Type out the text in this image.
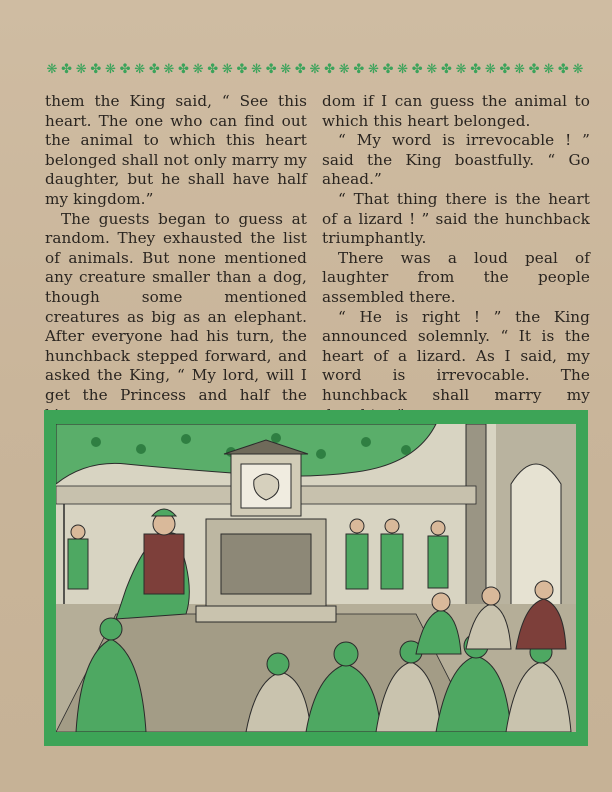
❋ ✤ ❋ ✤ ❋ ✤ ❋ ✤ ❋ ✤ ❋ ✤ ❋ ✤ ❋ ✤ ❋ ✤ ❋ ✤ ❋ ✤ ❋ ✤ ❋ ✤ ❋ ✤ ❋ ✤ ❋ ✤ ❋ ✤ ❋ ✤ ❋

them the King said, “ See this heart. The one who can find out the animal to which this heart belonged shall not only marry my daughter, but he shall have half my kingdom.”

The guests began to guess at random. They exhausted the list of animals. But none mentioned any creature smaller than a dog, though some mentioned creatures as big as an elephant. After everyone had his turn, the hunchback stepped forward, and asked the King, “ My lord, will I get the Princess and half the

dom if I can guess the animal to which this heart belonged.

“ My word is irrevocable ! ” said the King boastfully. “ Go ahead.”

“ That thing there is the heart of a lizard ! ” said the hunchback triumphantly.

There was a loud peal of laughter from the people assembled there.

“ He is right ! ” the King announced solemnly. “ It is the heart of a lizard. As I said, my word is irrevocable. The hunchback shall marry my
